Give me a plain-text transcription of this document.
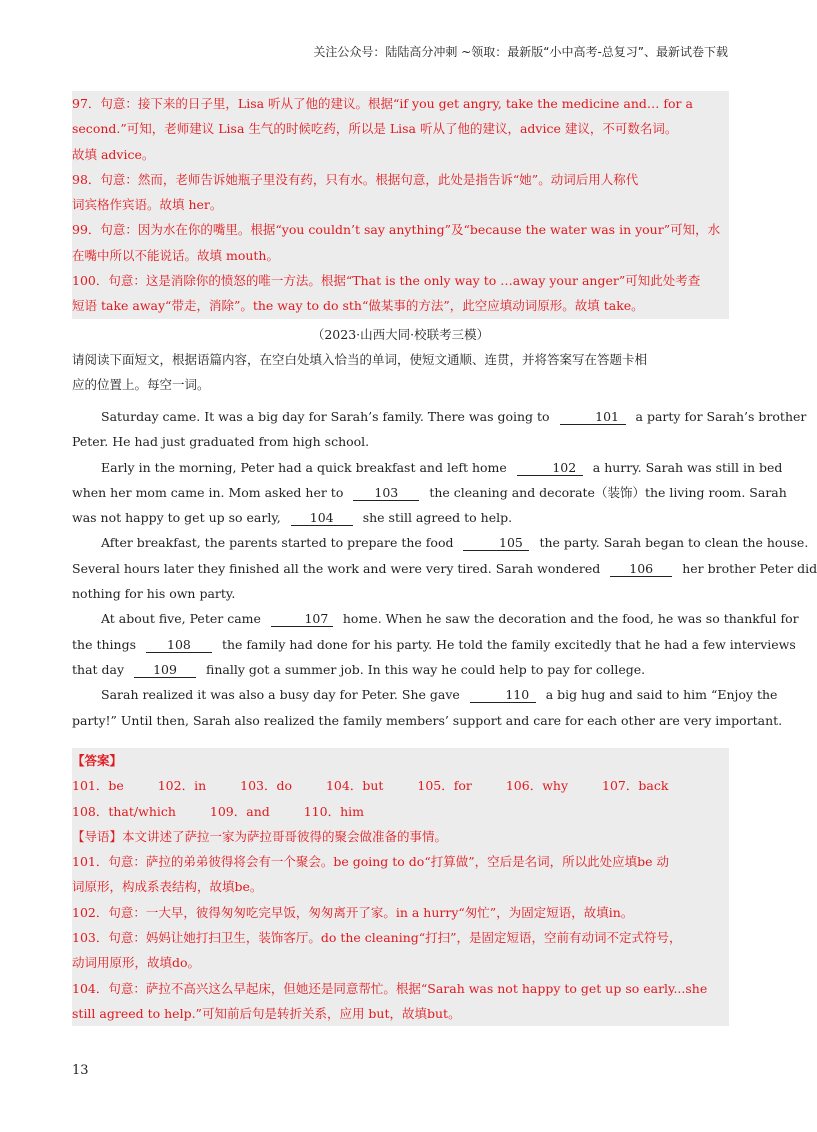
关注公众号：陆陆高分冲刺 ~领取：最新版“小中高考-总复习”、最新试卷下载
97．句意：接下来的日子里，Lisa 听从了他的建议。根据“if you get angry, take the medicine and… for a
second.”可知，老师建议 Lisa 生气的时候吃药，所以是 Lisa 听从了他的建议，advice 建议，不可数名词。
故填 advice。
98．句意：然而，老师告诉她瓶子里没有药，只有水。根据句意，此处是指告诉“她”。动词后用人称代
词宾格作宾语。故填 her。
99．句意：因为水在你的嘴里。根据“you couldn’t say anything”及“because the water was in your”可知，水
在嘴中所以不能说话。故填 mouth。
100．句意：这是消除你的愤怒的唯一方法。根据“That is the only way to …away your anger”可知此处考查
短语 take away“带走，消除”。the way to do sth“做某事的方法”，此空应填动词原形。故填 take。
（2023·山西大同·校联考三模）
请阅读下面短文，根据语篇内容，在空白处填入恰当的单词，使短文通顺、连贯，并将答案写在答题卡相
应的位置上。每空一词。
Saturday came. It was a big day for Sarah’s family. There was going to	101 a party for Sarah’s brother
Peter. He had just graduated from high school.
Early in the morning, Peter had a quick breakfast and left home	102 a hurry. Sarah was still in bed
when her mom came in. Mom asked her to 103 the cleaning and decorate（装饰）the living room. Sarah
was not happy to get up so early, 104 she still agreed to help.
After breakfast, the parents started to prepare the food	105 the party. Sarah began to clean the house.
Several hours later they finished all the work and were very tired. Sarah wondered 106 her brother Peter did
nothing for his own party.
At about five, Peter came	107 home. When he saw the decoration and the food, he was so thankful for
the things 108 the family had done for his party. He told the family excitedly that he had a few interviews
that day 109 finally got a summer job. In this way he could help to pay for college.
Sarah realized it was also a busy day for Peter. She gave	110 a big hug and said to him “Enjoy the
party!” Until then, Sarah also realized the family members’ support and care for each other are very important.
【答案】
101．be	102．in	103．do	104．but	105．for	106．why	107．back
108．that/which	109．and	110．him
【导语】本文讲述了萨拉一家为萨拉哥哥彼得的聚会做准备的事情。
101．句意：萨拉的弟弟彼得将会有一个聚会。be going to do“打算做”，空后是名词，所以此处应填be 动
词原形，构成系表结构，故填be。
102．句意：一大早，彼得匆匆吃完早饭，匆匆离开了家。in a hurry“匆忙”，为固定短语，故填in。
103．句意：妈妈让她打扫卫生，装饰客厅。do the cleaning“打扫”，是固定短语，空前有动词不定式符号，
动词用原形，故填do。
104．句意：萨拉不高兴这么早起床，但她还是同意帮忙。根据“Sarah was not happy to get up so early...she
still agreed to help.”可知前后句是转折关系，应用 but，故填but。
13
